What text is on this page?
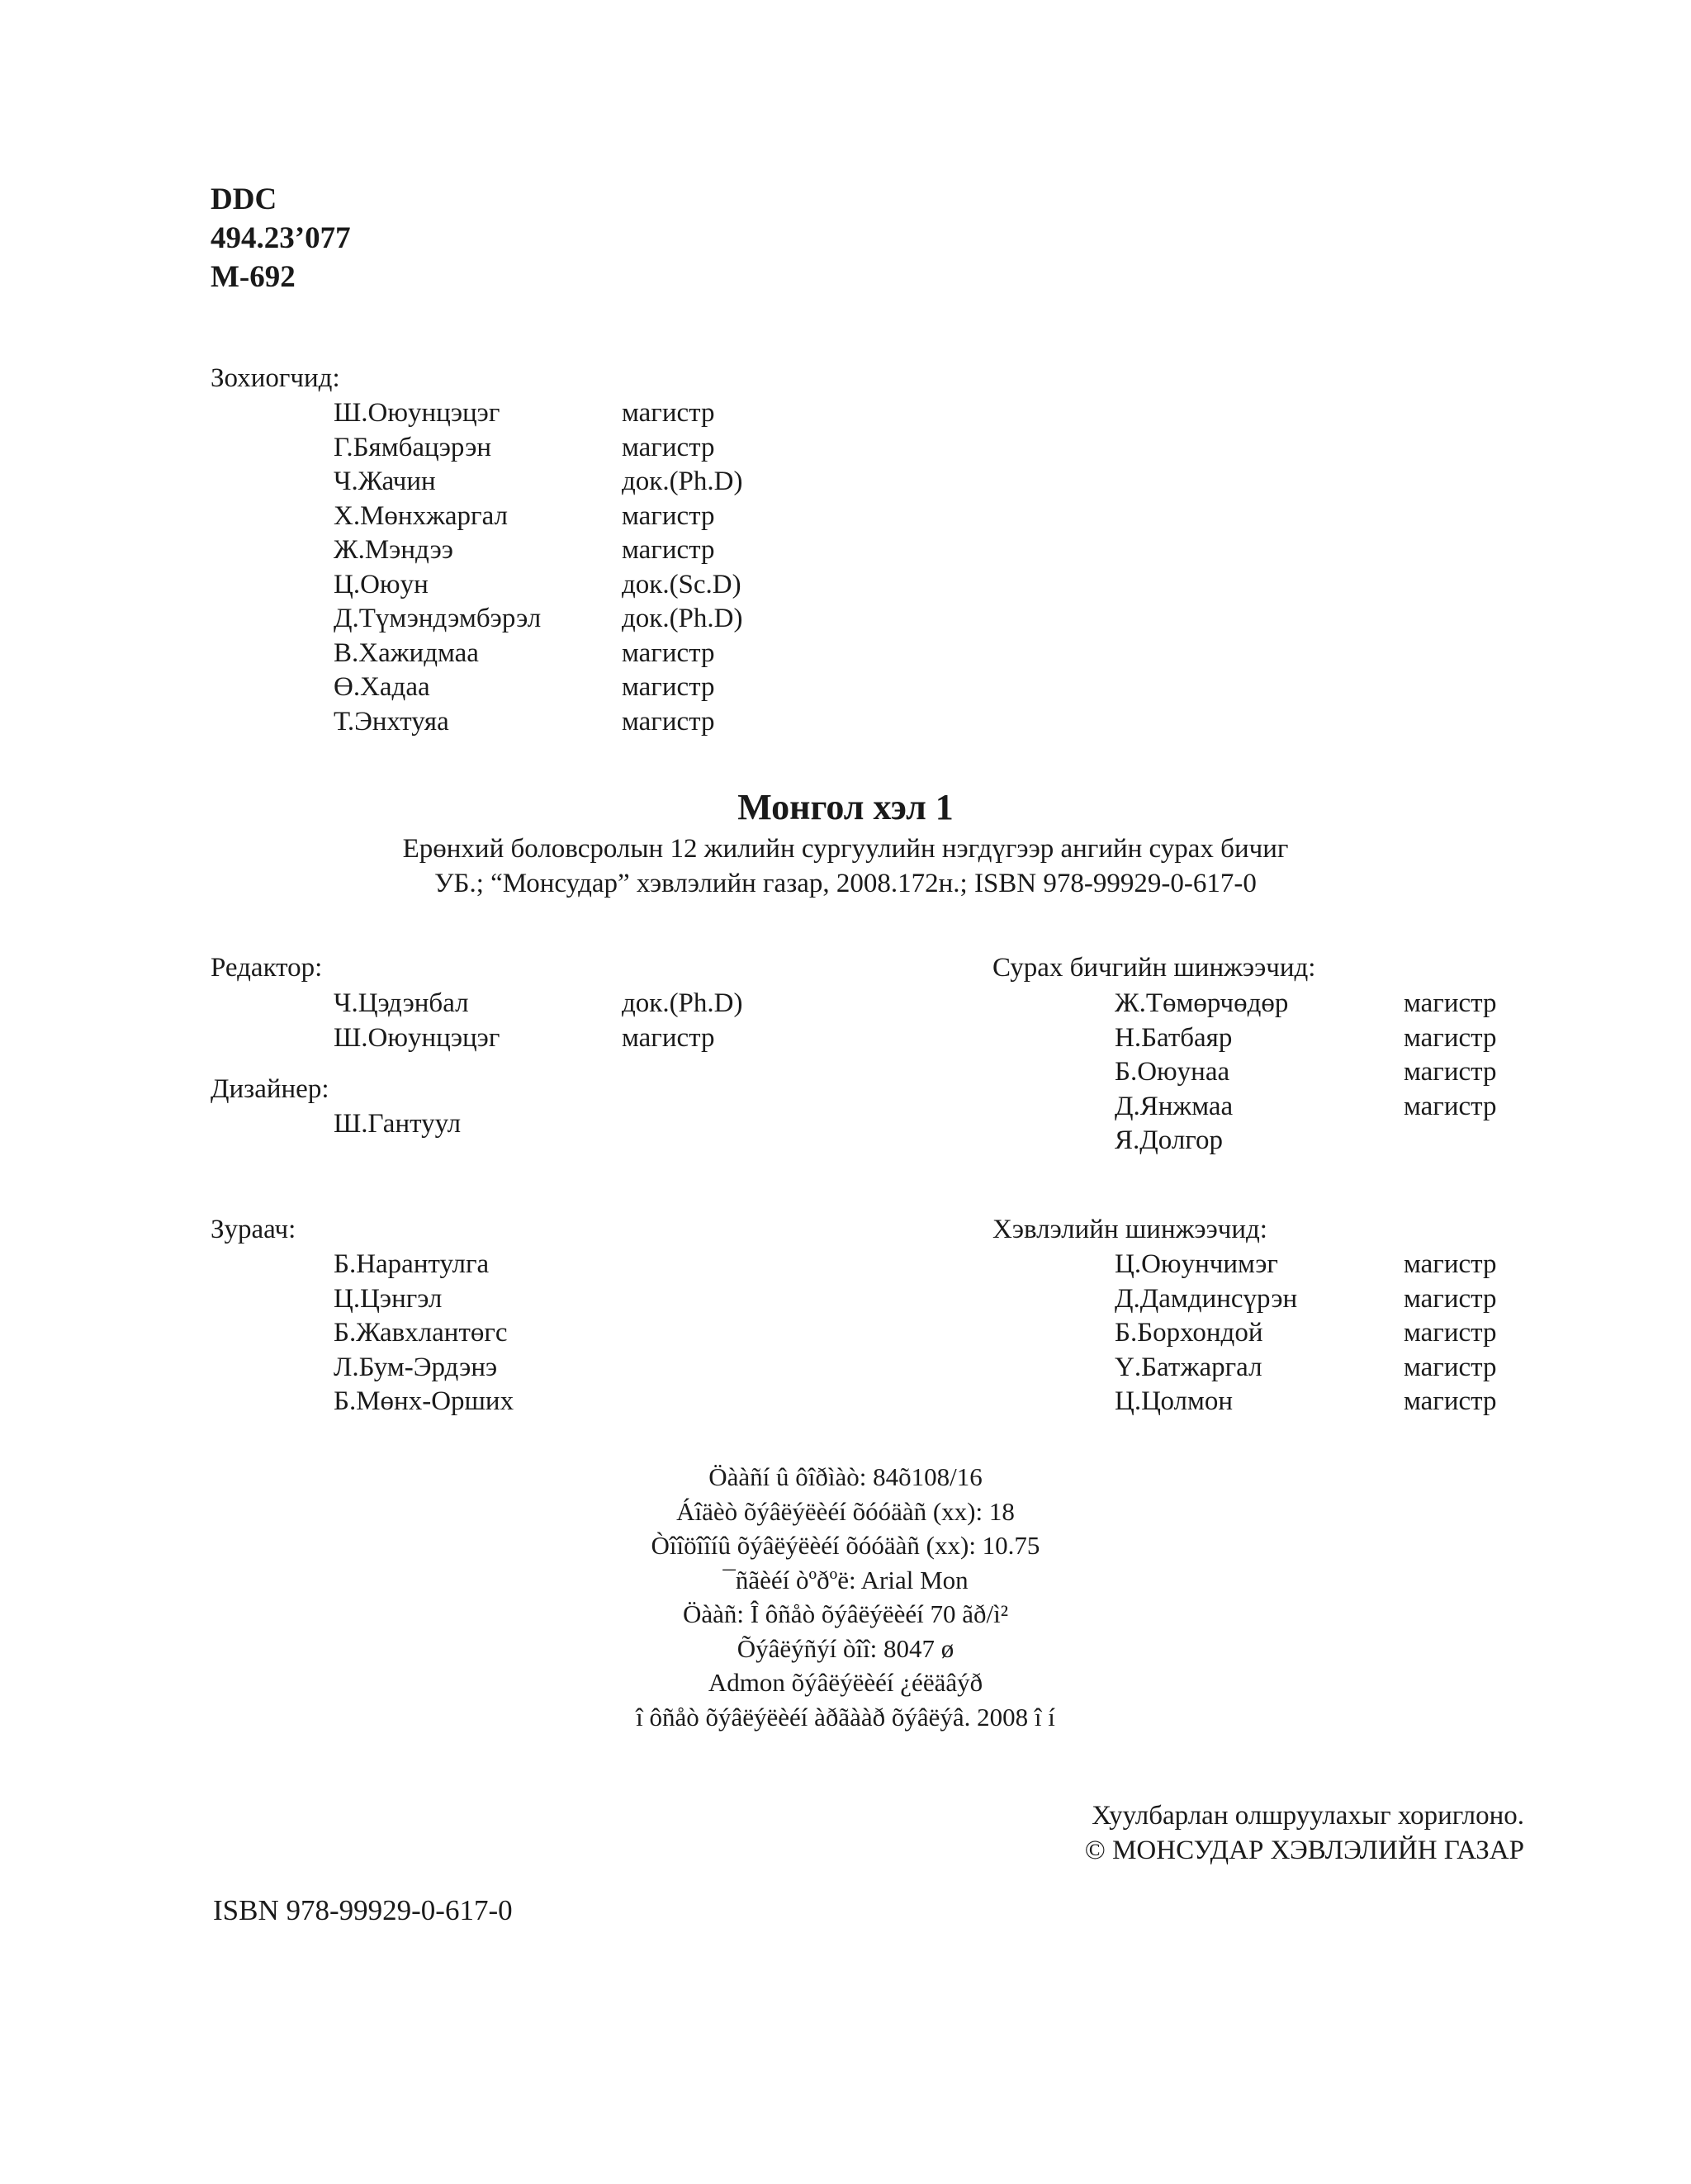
DDC
494.23’077
М-692
Зохиогчид:
Ш.Оюунцэцэг	магистр
Г.Бямбацэрэн	магистр
Ч.Жачин	док.(Ph.D)
Х.Мөнхжаргал	магистр
Ж.Мэндээ	магистр
Ц.Оюун	док.(Sc.D)
Д.Түмэндэмбэрэл	док.(Ph.D)
В.Хажидмаа	магистр
Ө.Хадаа	магистр
Т.Энхтуяа	магистр
Монгол хэл 1
Ерөнхий боловсролын 12 жилийн сургуулийн нэгдүгээр ангийн сурах бичиг
УБ.; “Монсудар” хэвлэлийн газар, 2008.172н.; ISBN 978-99929-0-617-0
Редактор:
Ч.Цэдэнбал	док.(Ph.D)
Ш.Оюунцэцэг	магистр
Дизайнер:
Ш.Гантуул
Зураач:
Б.Нарантулга
Ц.Цэнгэл
Б.Жавхлантөгс
Л.Бум-Эрдэнэ
Б.Мөнх-Орших
Сурах бичгийн шинжээчид:
Ж.Төмөрчөдөр	магистр
Н.Батбаяр	магистр
Б.Оюунаа	магистр
Д.Янжмаа	магистр
Я.Долгор
Хэвлэлийн шинжээчид:
Ц.Оюунчимэг	магистр
Д.Дамдинсүрэн	магистр
Б.Борхондой	магистр
Ү.Батжаргал	магистр
Ц.Цолмон	магистр
Öààñí û ôîðìàò: 84õ108/16
Áîäèò õýâëýëèéí õóóäàñ (xx): 18
Òîîöîîíû õýâëýëèéí õóóäàñ (xx): 10.75
¯ñãèéí òºðºë: Arial Mon
Öààñ: Î ôñåò õýâëýëèéí 70 ãð/ì²
Õýâëýñýí òîî: 8047 ø
Admon õýâëýëèéí ¿éëäâýð
î ôñåò õýâëýëèéí àðãààð õýâëýâ. 2008 î í
Хуулбарлан олшруулахыг хориглоно.
© МОНСУДАР ХЭВЛЭЛИЙН ГАЗАР
ISBN 978-99929-0-617-0
